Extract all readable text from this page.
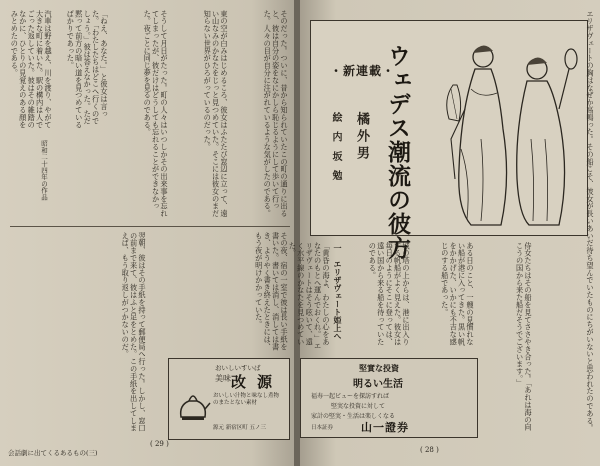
そのだった。ついに、昔から知られていたこの町の通りに出ると、彼は自分の姿をなにかしら恥じるようにして歩いて行った。人々の目が自分に注がれているような気がしたのである。
東の空が白みはじめるころ、彼女はふたたび窓辺に立って、遠い山なみのかなたをじっと見つめていた。そこには彼女のまだ知らない世界がひろがっているのだった。
そうして月日がたった。町の人々はいつしかその出来事を忘れてしまったが、彼だけはどうしても忘れることができなかった。夜ごとに同じ夢を見るのである。
「ねえ、あなた。」と彼女は言った。「わたしたちはどこへ行くのでしょう。」彼は答えなかった。ただ黙って前方の暗い道を見つめているばかりであった。
汽車は野を越え、川を渡り、やがて大きな町に着いた。駅の構内は人でごった返していた。彼はその雑踏のなかに、ひとりの見覚えのある顔をみとめたのである。
昭和二十四年の作品
その夜、宿の一室で彼は長い手紙を書いた。書いては消し、消しては書き、ようやく書き終えたときには、もう夜が明けかかっていた。
翌朝、彼はその手紙を持って郵便局へ行った。しかし、窓口の前まで来て、彼はふと足をとめた。この手紙を出してしまえば、もう取り返しがつかないのだ。
おいしいすいば
美味 改 源
おいしい汁物と味なし煮物のまたとない素材
源元 新宿区町 五ノ三
( 29 )
会話劇に出てくるあるもの(三)
・新連載・
ウェデス潮流の彼方
橘外男
絵 内 坂 勉
一　エリザヴェート姫上へ
「黄昏の海よ、わたしの心をあなたのもとへ運んでおくれ。」エリザヴェートはそう呟いて、遠く水平線のかなたを見つめていた。	城の塔の上からは、港に出入りする帆船がよく見えた。彼女は毎日のようにそこに登っては、遠い国から来る船を待っていたのである。	ある日のこと、一艘の見慣れない船が港に入ってきた。黒い帆をかかげた、いかにも不吉な感じのする船であった。	侍女たちはその船を見てささやき合った。「あれは海の向こうの国から来た船だそうでございます。」	エリザヴェートの胸はなぜか高鳴った。その船こそ、彼女が長いあいだ待ち望んでいたものにちがいないと思われたのである。
堅實な投資
明るい生活
福寿一起ビューを探訪すれば
堅実な投資に対して
家計の堅実・生活は楽しくなる
日本証券	山一證券
( 28 )
